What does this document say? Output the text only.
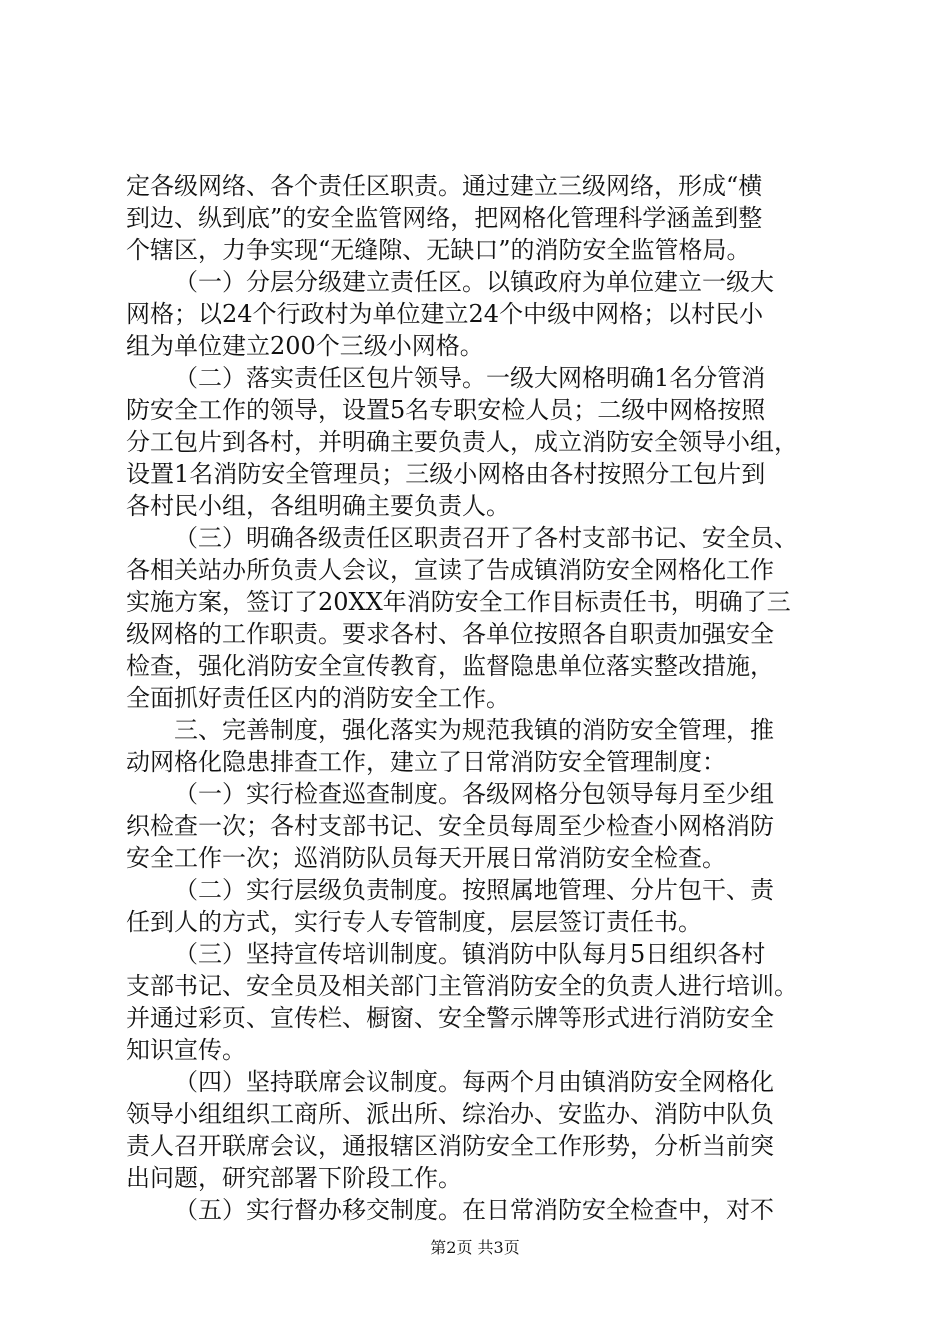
定各级网络、各个责任区职责。通过建立三级网络，形成“横
到边、纵到底”的安全监管网络，把网格化管理科学涵盖到整
个辖区，力争实现“无缝隙、无缺口”的消防安全监管格局。
（一）分层分级建立责任区。以镇政府为单位建立一级大
网格；以24个行政村为单位建立24个中级中网格；以村民小
组为单位建立200个三级小网格。
（二）落实责任区包片领导。一级大网格明确1名分管消
防安全工作的领导，设置5名专职安检人员；二级中网格按照
分工包片到各村，并明确主要负责人，成立消防安全领导小组，
设置1名消防安全管理员；三级小网格由各村按照分工包片到
各村民小组，各组明确主要负责人。
（三）明确各级责任区职责召开了各村支部书记、安全员、
各相关站办所负责人会议，宣读了告成镇消防安全网格化工作
实施方案，签订了20XX年消防安全工作目标责任书，明确了三
级网格的工作职责。要求各村、各单位按照各自职责加强安全
检查，强化消防安全宣传教育，监督隐患单位落实整改措施，
全面抓好责任区内的消防安全工作。
三、完善制度，强化落实为规范我镇的消防安全管理，推
动网格化隐患排查工作，建立了日常消防安全管理制度：
（一）实行检查巡查制度。各级网格分包领导每月至少组
织检查一次；各村支部书记、安全员每周至少检查小网格消防
安全工作一次；巡消防队员每天开展日常消防安全检查。
（二）实行层级负责制度。按照属地管理、分片包干、责
任到人的方式，实行专人专管制度，层层签订责任书。
（三）坚持宣传培训制度。镇消防中队每月5日组织各村
支部书记、安全员及相关部门主管消防安全的负责人进行培训。
并通过彩页、宣传栏、橱窗、安全警示牌等形式进行消防安全
知识宣传。
（四）坚持联席会议制度。每两个月由镇消防安全网格化
领导小组组织工商所、派出所、综治办、安监办、消防中队负
责人召开联席会议，通报辖区消防安全工作形势，分析当前突
出问题，研究部署下阶段工作。
（五）实行督办移交制度。在日常消防安全检查中，对不
第2页 共3页
